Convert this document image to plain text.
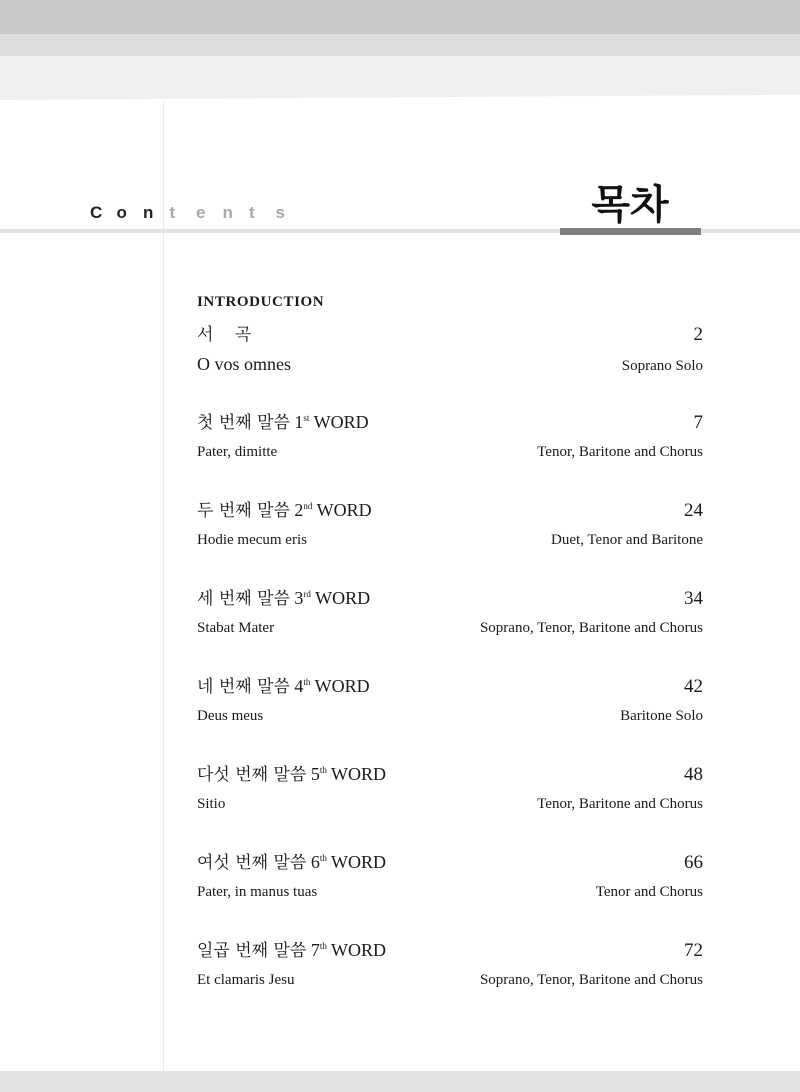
C o n t e n t s	목차
INTRODUCTION
서 곡	2
O vos omnes	Soprano Solo
첫 번째 말씀 1st WORD	7
Pater, dimitte	Tenor, Baritone and Chorus
두 번째 말씀 2nd WORD	24
Hodie mecum eris	Duet, Tenor and Baritone
세 번째 말씀 3rd WORD	34
Stabat Mater	Soprano, Tenor, Baritone and Chorus
네 번째 말씀 4th WORD	42
Deus meus	Baritone Solo
다섯 번째 말씀 5th WORD	48
Sitio	Tenor, Baritone and Chorus
여섯 번째 말씀 6th WORD	66
Pater, in manus tuas	Tenor and Chorus
일곱 번째 말씀 7th WORD	72
Et clamaris Jesu	Soprano, Tenor, Baritone and Chorus
